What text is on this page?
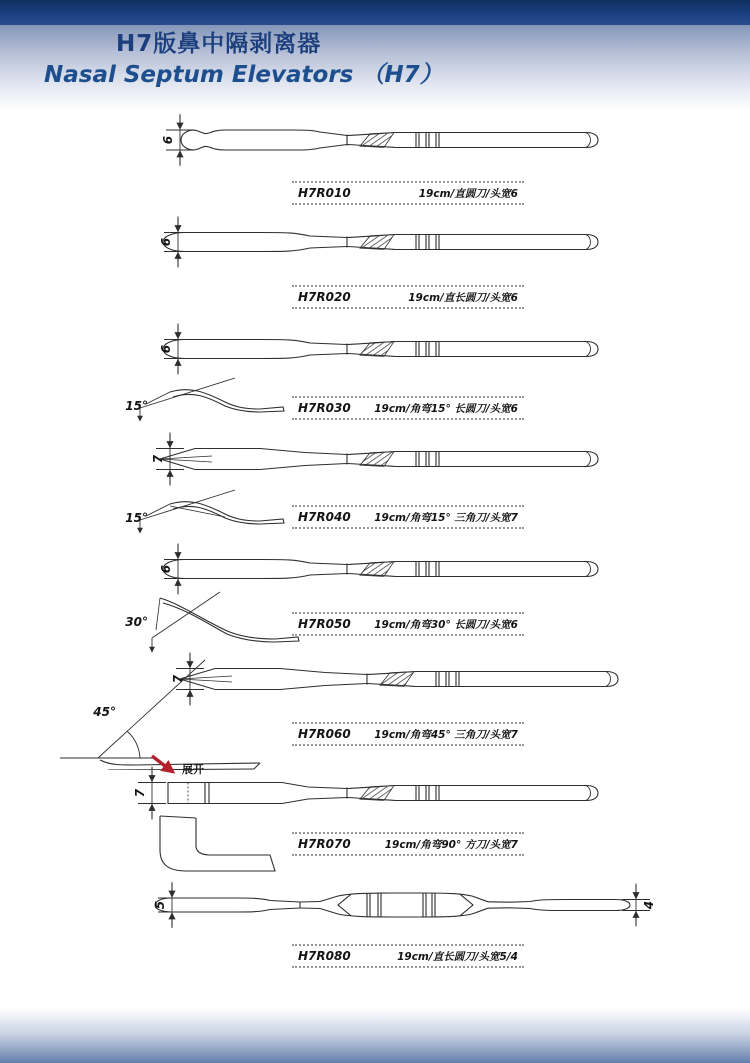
H7版鼻中隔剥离器
Nasal Septum Elevators （H7）
6
6
6
15°
7
15°
6
30°
7
45°
7
展开
5	4
H7R010	19cm/直圆刀/头宽6
H7R020	19cm/直长圆刀/头宽6
H7R030 19cm/角弯15° 长圆刀/头宽6
H7R040 19cm/角弯15° 三角刀/头宽7
H7R050 19cm/角弯30° 长圆刀/头宽6
H7R060 19cm/角弯45° 三角刀/头宽7
H7R070	19cm/角弯90° 方刀/头宽7
H7R080	19cm/直长圆刀/头宽5/4
